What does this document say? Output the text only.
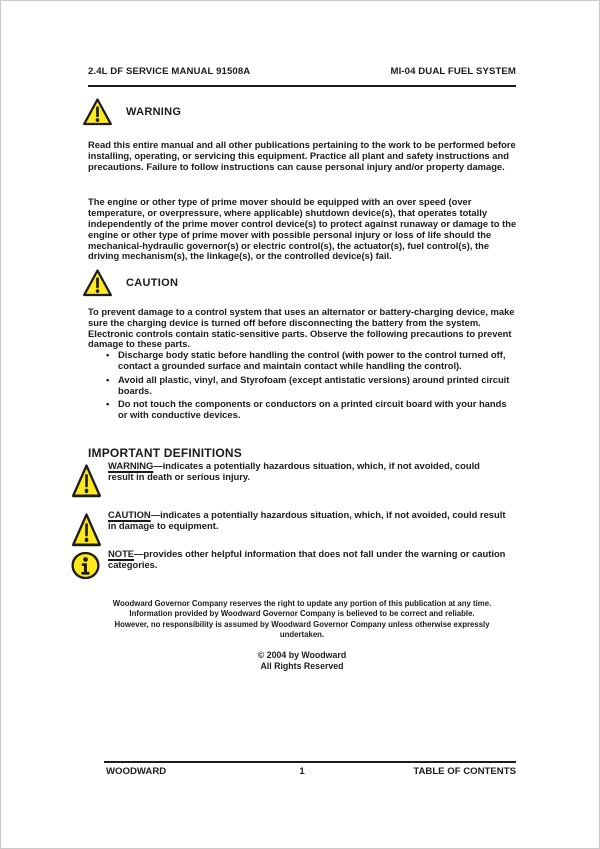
2.4L DF SERVICE MANUAL 91508A	MI-04 DUAL FUEL SYSTEM
WARNING

Read this entire manual and all other publications pertaining to the work to be performed before installing, operating, or servicing this equipment. Practice all plant and safety instructions and precautions. Failure to follow instructions can cause personal injury and/or property damage.

The engine or other type of prime mover should be equipped with an over speed (over temperature, or overpressure, where applicable) shutdown device(s), that operates totally independently of the prime mover control device(s) to protect against runaway or damage to the engine or other type of prime mover with possible personal injury or loss of life should the mechanical-hydraulic governor(s) or electric control(s), the actuator(s), fuel control(s), the driving mechanism(s), the linkage(s), or the controlled device(s) fail.

CAUTION
To prevent damage to a control system that uses an alternator or battery-charging device, make sure the charging device is turned off before disconnecting the battery from the system. Electronic controls contain static-sensitive parts. Observe the following precautions to prevent damage to these parts.
• Discharge body static before handling the control (with power to the control turned off, contact a grounded surface and maintain contact while handling the control).
• Avoid all plastic, vinyl, and Styrofoam (except antistatic versions) around printed circuit boards.
• Do not touch the components or conductors on a printed circuit board with your hands or with conductive devices.
IMPORTANT DEFINITIONS
WARNING—indicates a potentially hazardous situation, which, if not avoided, could result in death or serious injury.
CAUTION—indicates a potentially hazardous situation, which, if not avoided, could result in damage to equipment.
NOTE—provides other helpful information that does not fall under the warning or caution categories.
Woodward Governor Company reserves the right to update any portion of this publication at any time.
Information provided by Woodward Governor Company is believed to be correct and reliable.
However, no responsibility is assumed by Woodward Governor Company unless otherwise expressly
undertaken.
© 2004 by Woodward
All Rights Reserved
WOODWARD	1	TABLE OF CONTENTS
